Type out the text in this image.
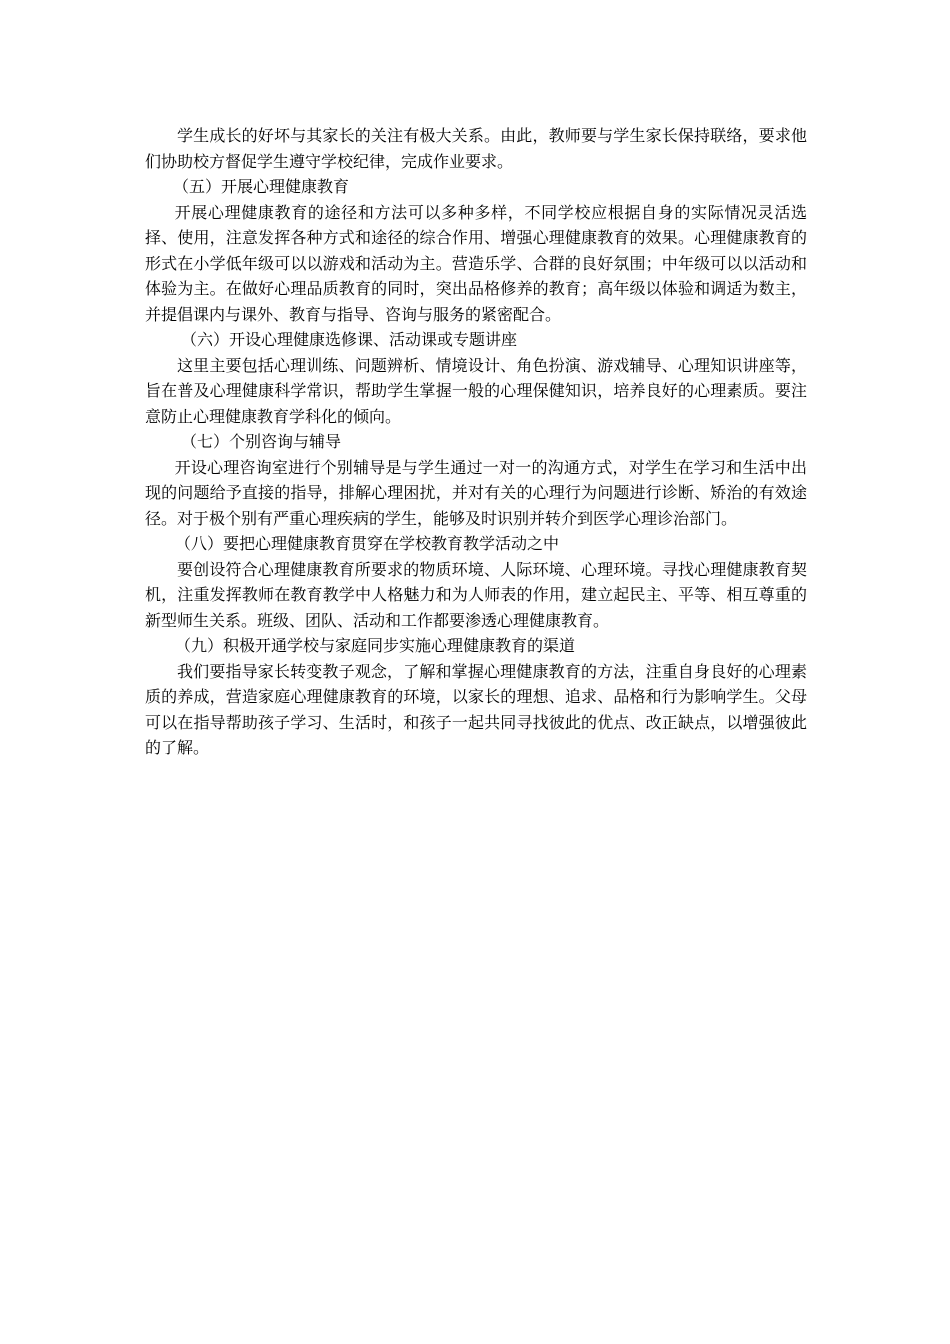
学生成长的好坏与其家长的关注有极大关系。由此，教师要与学生家长保持联络，要求他们协助校方督促学生遵守学校纪律，完成作业要求。

（五）开展心理健康教育

开展心理健康教育的途径和方法可以多种多样，不同学校应根据自身的实际情况灵活选择、使用，注意发挥各种方式和途径的综合作用、增强心理健康教育的效果。心理健康教育的形式在小学低年级可以以游戏和活动为主。营造乐学、合群的良好氛围；中年级可以以活动和体验为主。在做好心理品质教育的同时，突出品格修养的教育；高年级以体验和调适为数主，并提倡课内与课外、教育与指导、咨询与服务的紧密配合。

（六）开设心理健康选修课、活动课或专题讲座

这里主要包括心理训练、问题辨析、情境设计、角色扮演、游戏辅导、心理知识讲座等，旨在普及心理健康科学常识，帮助学生掌握一般的心理保健知识，培养良好的心理素质。要注意防止心理健康教育学科化的倾向。

（七）个别咨询与辅导

开设心理咨询室进行个别辅导是与学生通过一对一的沟通方式，对学生在学习和生活中出现的问题给予直接的指导，排解心理困扰，并对有关的心理行为问题进行诊断、矫治的有效途径。对于极个别有严重心理疾病的学生，能够及时识别并转介到医学心理诊治部门。

（八）要把心理健康教育贯穿在学校教育教学活动之中

要创设符合心理健康教育所要求的物质环境、人际环境、心理环境。寻找心理健康教育契机，注重发挥教师在教育教学中人格魅力和为人师表的作用，建立起民主、平等、相互尊重的新型师生关系。班级、团队、活动和工作都要渗透心理健康教育。

（九）积极开通学校与家庭同步实施心理健康教育的渠道

我们要指导家长转变教子观念，了解和掌握心理健康教育的方法，注重自身良好的心理素质的养成，营造家庭心理健康教育的环境，以家长的理想、追求、品格和行为影响学生。父母可以在指导帮助孩子学习、生活时，和孩子一起共同寻找彼此的优点、改正缺点，以增强彼此的了解。
